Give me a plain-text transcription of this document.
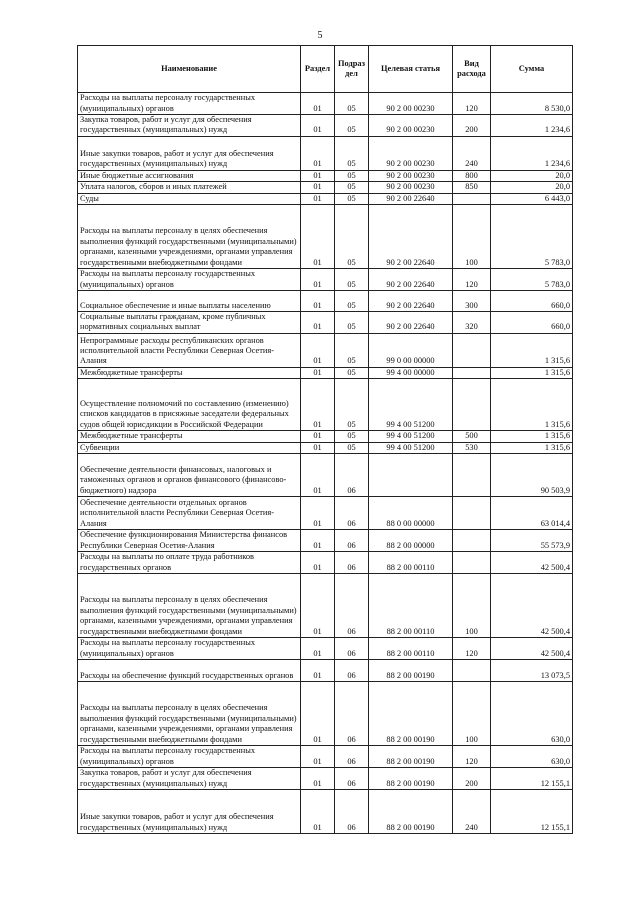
5
Наименование	Раздел	Подраз дел	Целевая статья	Вид расхода	Сумма
Расходы на выплаты персоналу государственных (муниципальных) органов	01	05	90 2 00 00230	120	8 530,0
Закупка товаров, работ и услуг для обеспечения государственных (муниципальных) нужд	01	05	90 2 00 00230	200	1 234,6
Иные закупки товаров, работ и услуг для обеспечения государственных (муниципальных) нужд	01	05	90 2 00 00230	240	1 234,6
Иные бюджетные ассигнования	01	05	90 2 00 00230	800	20,0
Уплата налогов, сборов и иных платежей	01	05	90 2 00 00230	850	20,0
Суды	01	05	90 2 00 22640		6 443,0
Расходы на выплаты персоналу в целях обеспечения выполнения функций государственными (муниципальными) органами, казенными учреждениями, органами управления государственными внебюджетными фондами	01	05	90 2 00 22640	100	5 783,0
Расходы на выплаты персоналу государственных (муниципальных) органов	01	05	90 2 00 22640	120	5 783,0
Социальное обеспечение и иные выплаты населению	01	05	90 2 00 22640	300	660,0
Социальные выплаты гражданам, кроме публичных нормативных социальных выплат	01	05	90 2 00 22640	320	660,0
Непрограммные расходы республиканских органов исполнительной власти Республики Северная Осетия-Алания	01	05	99 0 00 00000		1 315,6
Межбюджетные трансферты	01	05	99 4 00 00000		1 315,6
Осуществление полномочий по составлению (изменению) списков кандидатов в присяжные заседатели федеральных судов общей юрисдикции в Российской Федерации	01	05	99 4 00 51200		1 315,6
Межбюджетные трансферты	01	05	99 4 00 51200	500	1 315,6
Субвенции	01	05	99 4 00 51200	530	1 315,6
Обеспечение деятельности финансовых, налоговых и таможенных органов и органов финансового (финансово-бюджетного) надзора	01	06			90 503,9
Обеспечение деятельности отдельных органов исполнительной власти Республики Северная Осетия-Алания	01	06	88 0 00 00000		63 014,4
Обеспечение функционирования Министерства финансов Республики Северная Осетия-Алания	01	06	88 2 00 00000		55 573,9
Расходы на выплаты по оплате труда работников государственных органов	01	06	88 2 00 00110		42 500,4
Расходы на выплаты персоналу в целях обеспечения выполнения функций государственными (муниципальными) органами, казенными учреждениями, органами управления государственными внебюджетными фондами	01	06	88 2 00 00110	100	42 500,4
Расходы на выплаты персоналу государственных (муниципальных) органов	01	06	88 2 00 00110	120	42 500,4
Расходы на обеспечение функций государственных органов	01	06	88 2 00 00190		13 073,5
Расходы на выплаты персоналу в целях обеспечения выполнения функций государственными (муниципальными) органами, казенными учреждениями, органами управления государственными внебюджетными фондами	01	06	88 2 00 00190	100	630,0
Расходы на выплаты персоналу государственных (муниципальных) органов	01	06	88 2 00 00190	120	630,0
Закупка товаров, работ и услуг для обеспечения государственных (муниципальных) нужд	01	06	88 2 00 00190	200	12 155,1
Иные закупки товаров, работ и услуг для обеспечения государственных (муниципальных) нужд	01	06	88 2 00 00190	240	12 155,1
